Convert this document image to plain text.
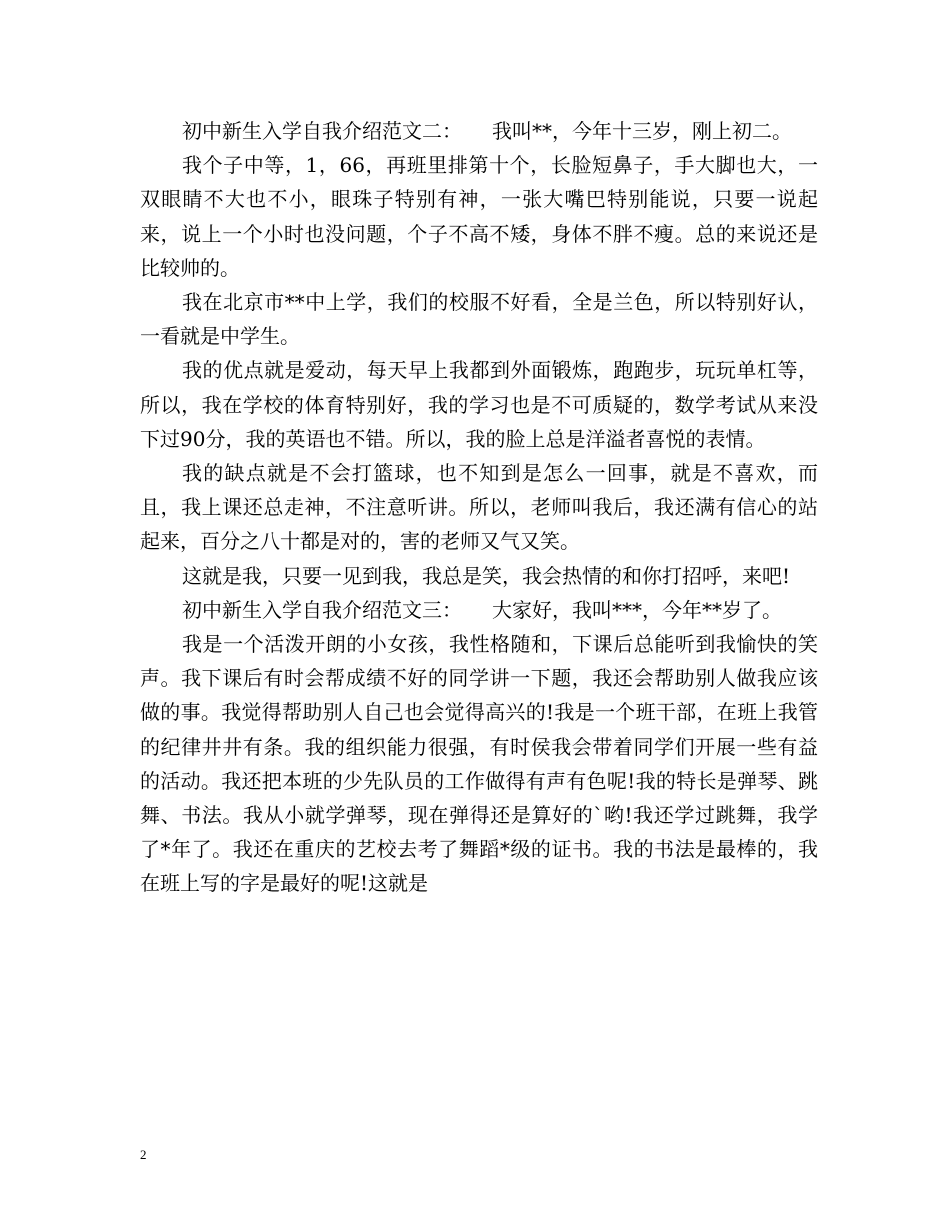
初中新生入学自我介绍范文二：　　我叫**，今年十三岁，刚上初二。

我个子中等，1，66，再班里排第十个，长脸短鼻子，手大脚也大，一双眼睛不大也不小，眼珠子特别有神，一张大嘴巴特别能说，只要一说起来，说上一个小时也没问题，个子不高不矮，身体不胖不瘦。总的来说还是比较帅的。

我在北京市**中上学，我们的校服不好看，全是兰色，所以特别好认，一看就是中学生。

我的优点就是爱动，每天早上我都到外面锻炼，跑跑步，玩玩单杠等，所以，我在学校的体育特别好，我的学习也是不可质疑的，数学考试从来没下过90分，我的英语也不错。所以，我的脸上总是洋溢者喜悦的表情。

我的缺点就是不会打篮球，也不知到是怎么一回事，就是不喜欢，而且，我上课还总走神，不注意听讲。所以，老师叫我后，我还满有信心的站起来，百分之八十都是对的，害的老师又气又笑。

这就是我，只要一见到我，我总是笑，我会热情的和你打招呼，来吧!

初中新生入学自我介绍范文三：　　大家好，我叫***，今年**岁了。

我是一个活泼开朗的小女孩，我性格随和，下课后总能听到我愉快的笑声。我下课后有时会帮成绩不好的同学讲一下题，我还会帮助别人做我应该做的事。我觉得帮助别人自己也会觉得高兴的!我是一个班干部，在班上我管的纪律井井有条。我的组织能力很强，有时侯我会带着同学们开展一些有益的活动。我还把本班的少先队员的工作做得有声有色呢!我的特长是弹琴、跳舞、书法。我从小就学弹琴，现在弹得还是算好的`哟!我还学过跳舞，我学了*年了。我还在重庆的艺校去考了舞蹈*级的证书。我的书法是最棒的，我在班上写的字是最好的呢!这就是

2
